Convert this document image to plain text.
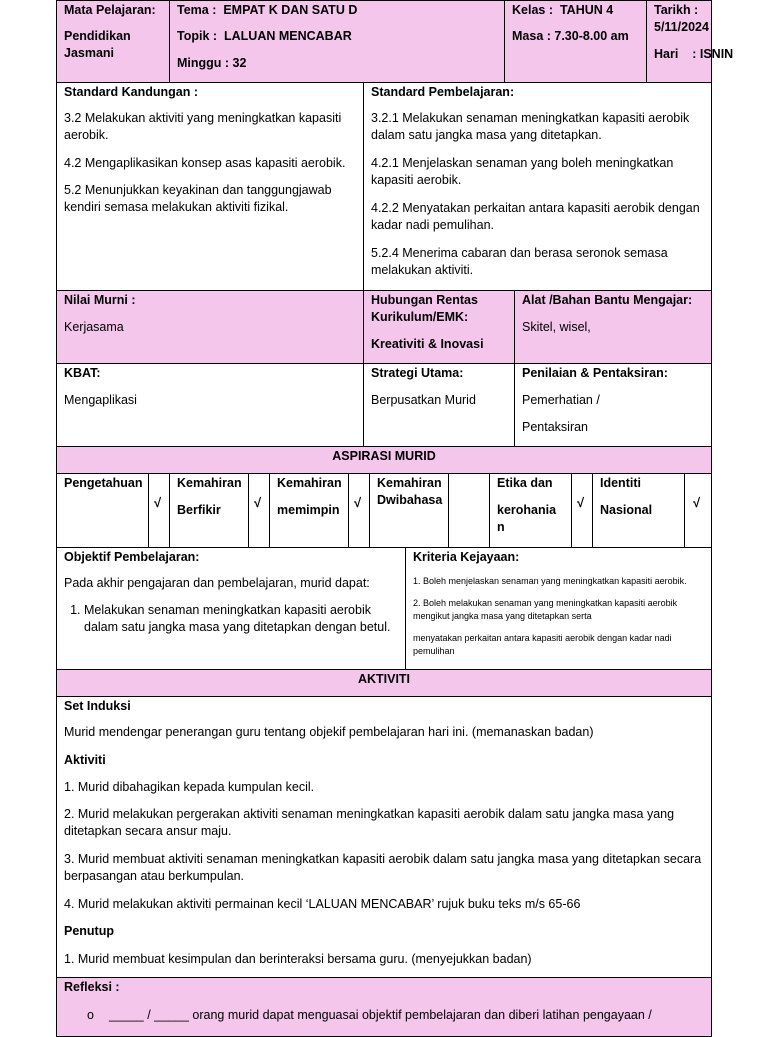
Mata Pelajaran:

Pendidikan Jasmani

Tema : EMPAT K DAN SATU D

Topik : LALUAN MENCABAR

Minggu : 32

Kelas : TAHUN 4

Masa : 7.30-8.00 am

Tarikh :

5/11/2024

Hari : ISNIN

Standard Kandungan :

3.2 Melakukan aktiviti yang meningkatkan kapasiti aerobik.

4.2 Mengaplikasikan konsep asas kapasiti aerobik.

5.2 Menunjukkan keyakinan dan tanggungjawab kendiri semasa melakukan aktiviti fizikal.

Standard Pembelajaran:

3.2.1 Melakukan senaman meningkatkan kapasiti aerobik dalam satu jangka masa yang ditetapkan.

4.2.1 Menjelaskan senaman yang boleh meningkatkan kapasiti aerobik.

4.2.2 Menyatakan perkaitan antara kapasiti aerobik dengan kadar nadi pemulihan.

5.2.4 Menerima cabaran dan berasa seronok semasa melakukan aktiviti.

Nilai Murni :

Kerjasama

Hubungan Rentas Kurikulum/EMK:

Kreativiti & Inovasi

Alat /Bahan Bantu Mengajar:

Skitel, wisel,

KBAT:

Mengaplikasi

Strategi Utama:

Berpusatkan Murid

Penilaian & Pentaksiran:

Pemerhatian /

Pentaksiran

ASPIRASI MURID

Pengetahuan

√

Kemahiran

Berfikir	√

Kemahiran

memimpin √

Kemahiran

Dwibahasa

Etika dan

kerohania

n

√

Identiti

Nasional	√

Objektif Pembelajaran:

Pada akhir pengajaran dan pembelajaran, murid dapat:

1. Melakukan senaman meningkatkan kapasiti aerobik dalam satu jangka masa yang ditetapkan dengan betul.

Kriteria Kejayaan:

1. Boleh menjelaskan senaman yang meningkatkan kapasiti aerobik.

2. Boleh melakukan senaman yang meningkatkan kapasiti aerobik mengikut jangka masa yang ditetapkan serta

menyatakan perkaitan antara kapasiti aerobik dengan kadar nadi pemulihan

AKTIVITI

Set Induksi

Murid mendengar penerangan guru tentang objekif pembelajaran hari ini. (memanaskan badan)

Aktiviti

1. Murid dibahagikan kepada kumpulan kecil.

2. Murid melakukan pergerakan aktiviti senaman meningkatkan kapasiti aerobik dalam satu jangka masa yang ditetapkan secara ansur maju.

3. Murid membuat aktiviti senaman meningkatkan kapasiti aerobik dalam satu jangka masa yang ditetapkan secara berpasangan atau berkumpulan.

4. Murid melakukan aktiviti permainan kecil ‘LALUAN MENCABAR’ rujuk buku teks m/s 65-66

Penutup

1. Murid membuat kesimpulan dan berinteraksi bersama guru. (menyejukkan badan)

Refleksi :

o _____ / _____ orang murid dapat menguasai objektif pembelajaran dan diberi latihan pengayaan /
